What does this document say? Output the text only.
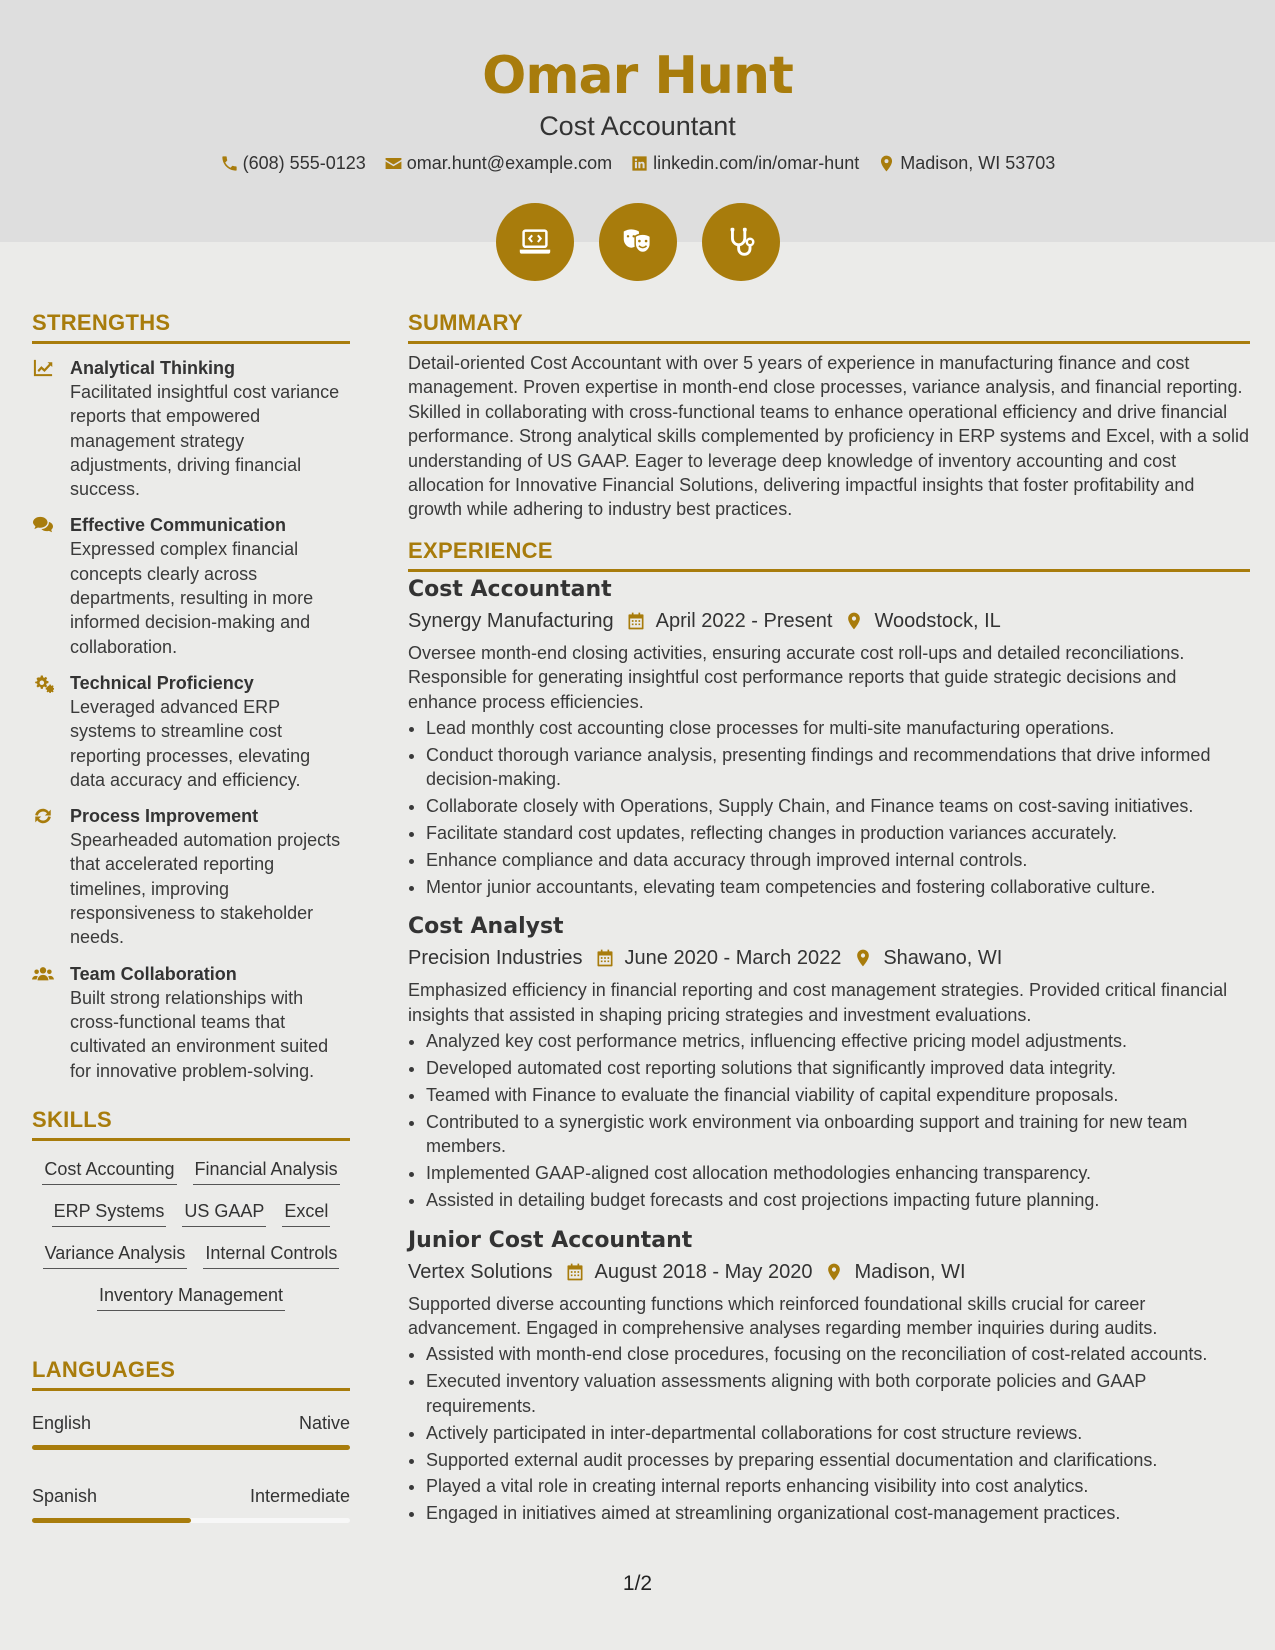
Omar Hunt
Cost Accountant
(608) 555-0123 omar.hunt@example.com linkedin.com/in/omar-hunt Madison, WI 53703
STRENGTHS
Analytical Thinking
Facilitated insightful cost variance reports that empowered management strategy adjustments, driving financial success.
Effective Communication
Expressed complex financial concepts clearly across departments, resulting in more informed decision-making and collaboration.
Technical Proficiency
Leveraged advanced ERP systems to streamline cost reporting processes, elevating data accuracy and efficiency.
Process Improvement
Spearheaded automation projects that accelerated reporting timelines, improving responsiveness to stakeholder needs.
Team Collaboration
Built strong relationships with cross-functional teams that cultivated an environment suited for innovative problem-solving.
SKILLS
Cost Accounting Financial Analysis
ERP Systems US GAAP Excel
Variance Analysis Internal Controls
Inventory Management
LANGUAGES
English	Native
Spanish	Intermediate
SUMMARY
Detail-oriented Cost Accountant with over 5 years of experience in manufacturing finance and cost management. Proven expertise in month-end close processes, variance analysis, and financial reporting. Skilled in collaborating with cross-functional teams to enhance operational efficiency and drive financial performance. Strong analytical skills complemented by proficiency in ERP systems and Excel, with a solid understanding of US GAAP. Eager to leverage deep knowledge of inventory accounting and cost allocation for Innovative Financial Solutions, delivering impactful insights that foster profitability and growth while adhering to industry best practices.
EXPERIENCE
Cost Accountant
Synergy Manufacturing April 2022 - Present Woodstock, IL
Oversee month-end closing activities, ensuring accurate cost roll-ups and detailed reconciliations. Responsible for generating insightful cost performance reports that guide strategic decisions and enhance process efficiencies.
• Lead monthly cost accounting close processes for multi-site manufacturing operations.
• Conduct thorough variance analysis, presenting findings and recommendations that drive informed decision-making.
• Collaborate closely with Operations, Supply Chain, and Finance teams on cost-saving initiatives.
• Facilitate standard cost updates, reflecting changes in production variances accurately.
• Enhance compliance and data accuracy through improved internal controls.
• Mentor junior accountants, elevating team competencies and fostering collaborative culture.
Cost Analyst
Precision Industries June 2020 - March 2022 Shawano, WI
Emphasized efficiency in financial reporting and cost management strategies. Provided critical financial insights that assisted in shaping pricing strategies and investment evaluations.
• Analyzed key cost performance metrics, influencing effective pricing model adjustments.
• Developed automated cost reporting solutions that significantly improved data integrity.
• Teamed with Finance to evaluate the financial viability of capital expenditure proposals.
• Contributed to a synergistic work environment via onboarding support and training for new team members.
• Implemented GAAP-aligned cost allocation methodologies enhancing transparency.
• Assisted in detailing budget forecasts and cost projections impacting future planning.
Junior Cost Accountant
Vertex Solutions August 2018 - May 2020 Madison, WI
Supported diverse accounting functions which reinforced foundational skills crucial for career advancement. Engaged in comprehensive analyses regarding member inquiries during audits.
• Assisted with month-end close procedures, focusing on the reconciliation of cost-related accounts.
• Executed inventory valuation assessments aligning with both corporate policies and GAAP requirements.
• Actively participated in inter-departmental collaborations for cost structure reviews.
• Supported external audit processes by preparing essential documentation and clarifications.
• Played a vital role in creating internal reports enhancing visibility into cost analytics.
• Engaged in initiatives aimed at streamlining organizational cost-management practices.
1/2
